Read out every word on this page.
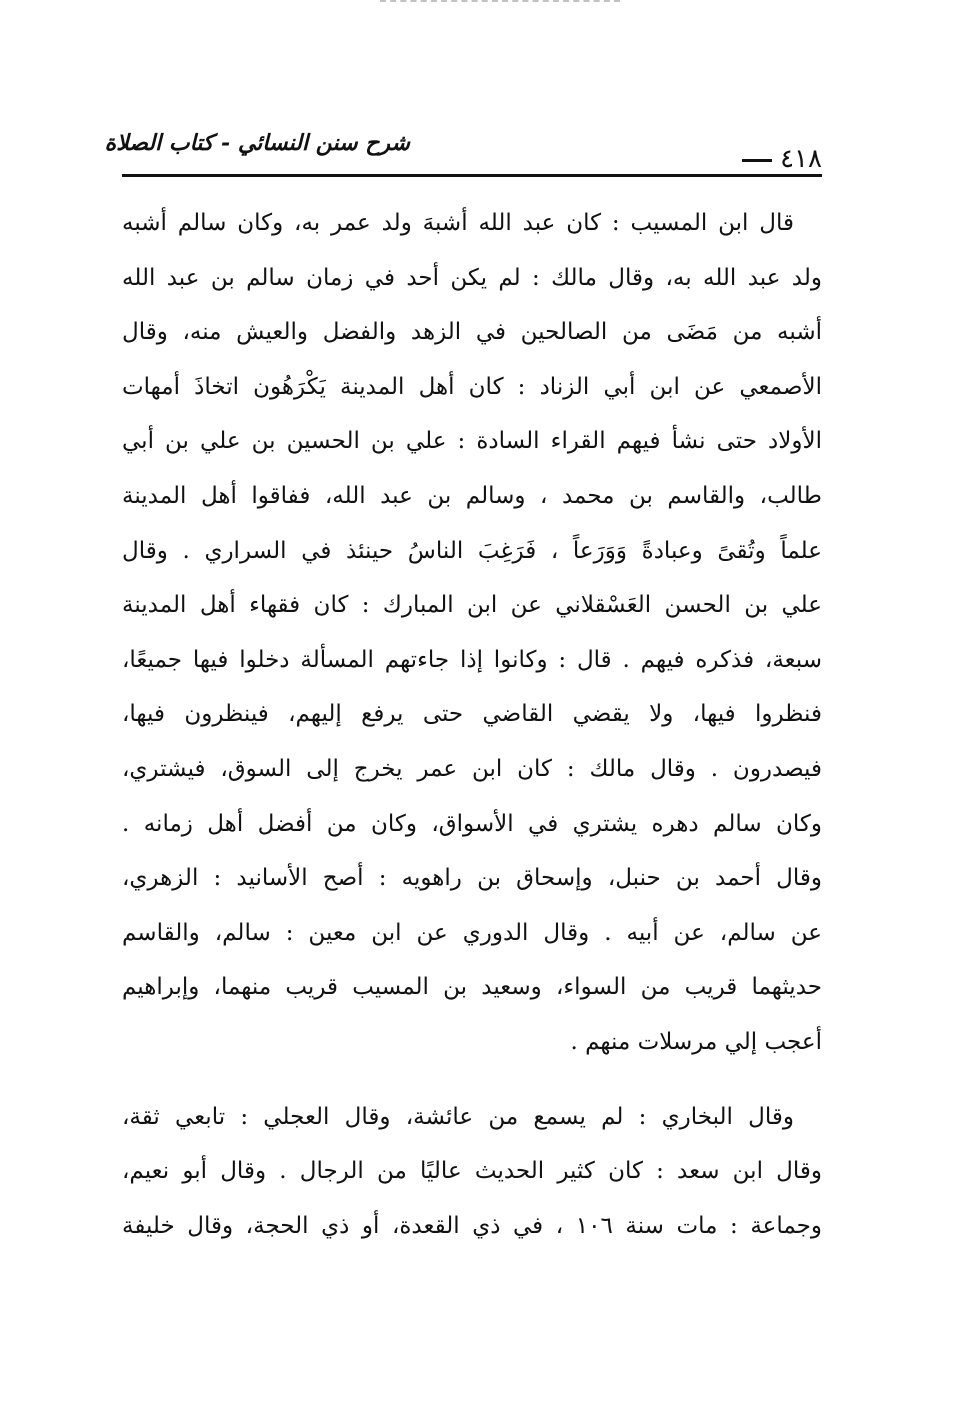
شرح سنن النسائي - كتاب الصلاة
٤١٨
قال ابن المسيب : كان عبد الله أشبهَ ولد عمر به، وكان سالم أشبه
ولد عبد الله به، وقال مالك : لم يكن أحد في زمان سالم بن عبد الله
أشبه من مَضَى من الصالحين في الزهد والفضل والعيش منه، وقال
الأصمعي عن ابن أبي الزناد : كان أهل المدينة يَكْرَهُون اتخاذَ أمهات
الأولاد حتى نشأ فيهم القراء السادة : علي بن الحسين بن علي بن أبي
طالب، والقاسم بن محمد ، وسالم بن عبد الله، ففاقوا أهل المدينة
علماً وتُقىً وعبادةً وَوَرَعاً ، فَرَغِبَ الناسُ حينئذ في السراري . وقال
علي بن الحسن العَسْقلاني عن ابن المبارك : كان فقهاء أهل المدينة
سبعة، فذكره فيهم . قال : وكانوا إذا جاءتهم المسألة دخلوا فيها جميعًا،
فنظروا فيها، ولا يقضي القاضي حتى يرفع إليهم، فينظرون فيها،
فيصدرون . وقال مالك : كان ابن عمر يخرج إلى السوق، فيشتري،
وكان سالم دهره يشتري في الأسواق، وكان من أفضل أهل زمانه .
وقال أحمد بن حنبل، وإسحاق بن راهويه : أصح الأسانيد : الزهري،
عن سالم، عن أبيه . وقال الدوري عن ابن معين : سالم، والقاسم
حديثهما قريب من السواء، وسعيد بن المسيب قريب منهما، وإبراهيم
أعجب إلي مرسلات منهم .
وقال البخاري : لم يسمع من عائشة، وقال العجلي : تابعي ثقة،
وقال ابن سعد : كان كثير الحديث عاليًا من الرجال . وقال أبو نعيم،
وجماعة : مات سنة ١٠٦ ، في ذي القعدة، أو ذي الحجة، وقال خليفة
